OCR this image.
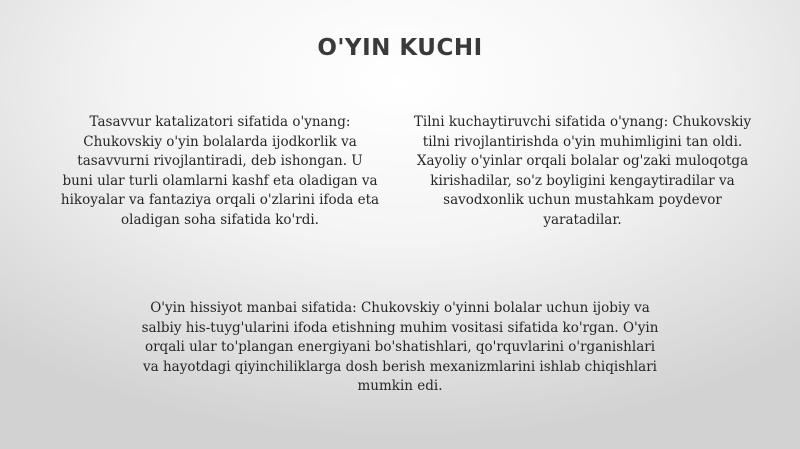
O'YIN KUCHI
Tasavvur katalizatori sifatida o'ynang: Chukovskiy o'yin bolalarda ijodkorlik va tasavvurni rivojlantiradi, deb ishongan. U buni ular turli olamlarni kashf eta oladigan va hikoyalar va fantaziya orqali o'zlarini ifoda eta oladigan soha sifatida ko'rdi.
Tilni kuchaytiruvchi sifatida o'ynang: Chukovskiy tilni rivojlantirishda o'yin muhimligini tan oldi. Xayoliy o'yinlar orqali bolalar og'zaki muloqotga kirishadilar, so'z boyligini kengaytiradilar va savodxonlik uchun mustahkam poydevor yaratadilar.
O'yin hissiyot manbai sifatida: Chukovskiy o'yinni bolalar uchun ijobiy va salbiy his-tuyg'ularini ifoda etishning muhim vositasi sifatida ko'rgan. O'yin orqali ular to'plangan energiyani bo'shatishlari, qo'rquvlarini o'rganishlari va hayotdagi qiyinchiliklarga dosh berish mexanizmlarini ishlab chiqishlari mumkin edi.
